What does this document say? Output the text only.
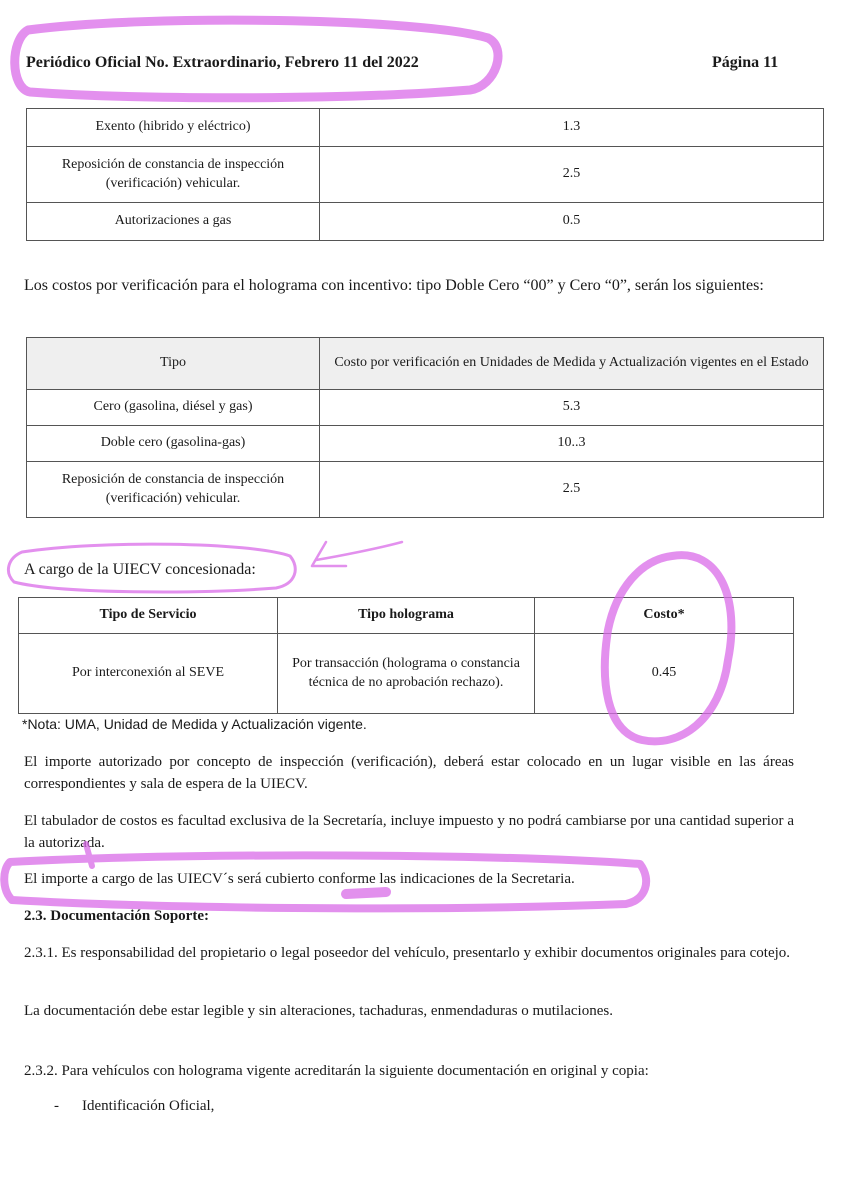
Periódico Oficial No. Extraordinario, Febrero 11 del 2022	Página 11
Exento (hibrido y eléctrico)	1.3
Reposición de constancia de inspección (verificación) vehicular.	2.5
Autorizaciones a gas	0.5
Los costos por verificación para el holograma con incentivo: tipo Doble Cero “00” y Cero “0”, serán los siguientes:
Tipo	Costo por verificación en Unidades de Medida y Actualización vigentes en el Estado
Cero (gasolina, diésel y gas)	5.3
Doble cero (gasolina-gas)	10..3
Reposición de constancia de inspección (verificación) vehicular.	2.5
A cargo de la UIECV concesionada:
Tipo de Servicio	Tipo holograma	Costo*
Por interconexión al SEVE	Por transacción (holograma o constancia técnica de no aprobación rechazo).	0.45
*Nota: UMA, Unidad de Medida y Actualización vigente.
El importe autorizado por concepto de inspección (verificación), deberá estar colocado en un lugar visible en las áreas correspondientes y sala de espera de la UIECV.
El tabulador de costos es facultad exclusiva de la Secretaría, incluye impuesto y no podrá cambiarse por una cantidad superior a la autorizada.
El importe a cargo de las UIECV´s será cubierto conforme las indicaciones de la Secretaria.
2.3. Documentación Soporte:
2.3.1. Es responsabilidad del propietario o legal poseedor del vehículo, presentarlo y exhibir documentos originales para cotejo.
La documentación debe estar legible y sin alteraciones, tachaduras, enmendaduras o mutilaciones.
2.3.2. Para vehículos con holograma vigente acreditarán la siguiente documentación en original y copia:
- Identificación Oficial,
